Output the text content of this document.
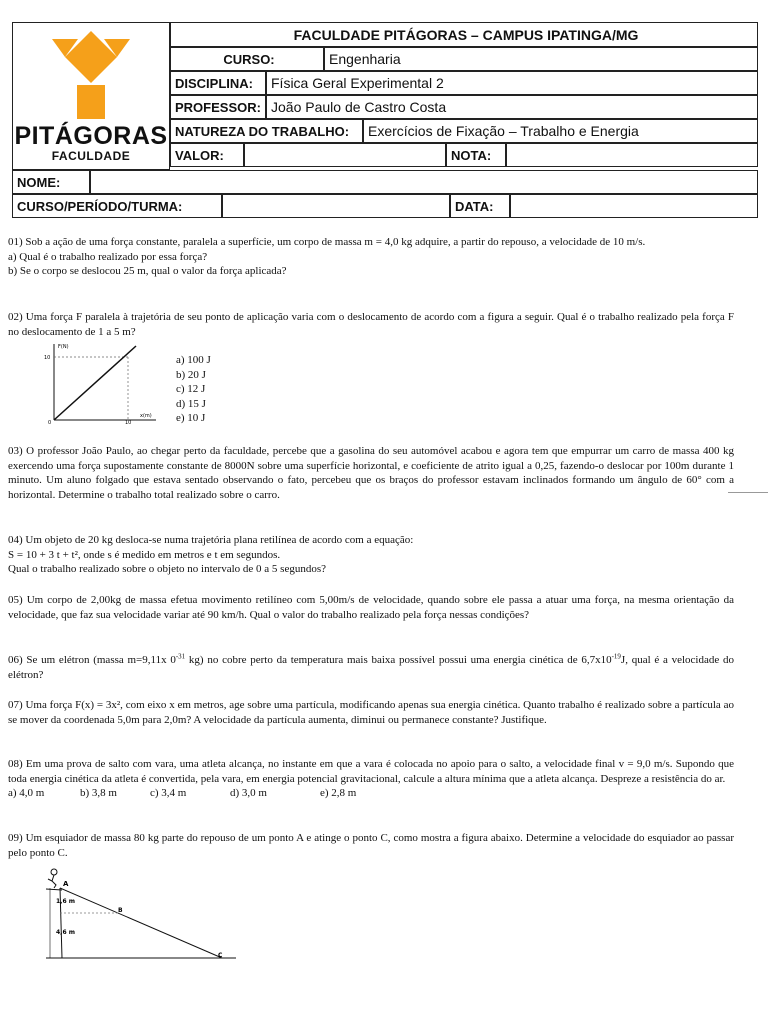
PITÁGORAS
FACULDADE
FACULDADE PITÁGORAS – CAMPUS IPATINGA/MG
CURSO:	Engenharia
DISCIPLINA:	Física Geral Experimental 2
PROFESSOR: João Paulo de Castro Costa
NATUREZA DO TRABALHO:	Exercícios de Fixação – Trabalho e Energia
VALOR:	NOTA:
NOME:
CURSO/PERÍODO/TURMA:	DATA:

01) Sob a ação de uma força constante, paralela a superfície, um corpo de massa m = 4,0 kg adquire, a partir do repouso, a velocidade de 10 m/s.

a) Qual é o trabalho realizado por essa força?

b) Se o corpo se deslocou 25 m, qual o valor da força aplicada?

02) Uma força F paralela à trajetória de seu ponto de aplicação varia com o deslocamento de acordo com a figura a seguir. Qual é o trabalho realizado pela força F no deslocamento de 1 a 5 m?

F(N)
x(m)
10
10
0

a) 100 J

b) 20 J

c) 12 J

d) 15 J

e) 10 J

03) O professor João Paulo, ao chegar perto da faculdade, percebe que a gasolina do seu automóvel acabou e agora tem que empurrar um carro de massa 400 kg exercendo uma força supostamente constante de 8000N sobre uma superfície horizontal, e coeficiente de atrito igual a 0,25, fazendo-o deslocar por 100m durante 1 minuto. Um aluno folgado que estava sentado observando o fato, percebeu que os braços do professor estavam inclinados formando um ângulo de 60° com a horizontal. Determine o trabalho total realizado sobre o carro.

04) Um objeto de 20 kg desloca-se numa trajetória plana retilínea de acordo com a equação:

S = 10 + 3 t + t², onde s é medido em metros e t em segundos.

Qual o trabalho realizado sobre o objeto no intervalo de 0 a 5 segundos?

05) Um corpo de 2,00kg de massa efetua movimento retilíneo com 5,00m/s de velocidade, quando sobre ele passa a atuar uma força, na mesma orientação da velocidade, que faz sua velocidade variar até 90 km/h. Qual o valor do trabalho realizado pela força nessas condições?

06) Se um elétron (massa m=9,11x $0^{-31}$ kg) no cobre perto da temperatura mais baixa possível possui uma energia cinética de $6,7x10^{-19}J$, qual é a velocidade do elétron?

07) Uma força F(x) = 3x², com eixo x em metros, age sobre uma partícula, modificando apenas sua energia cinética. Quanto trabalho é realizado sobre a partícula ao se mover da coordenada 5,0m para 2,0m? A velocidade da partícula aumenta, diminui ou permanece constante? Justifique.

08) Em uma prova de salto com vara, uma atleta alcança, no instante em que a vara é colocada no apoio para o salto, a velocidade final v = 9,0 m/s. Supondo que toda energia cinética da atleta é convertida, pela vara, em energia potencial gravitacional, calcule a altura mínima que a atleta alcança. Despreze a resistência do ar.

a) 4,0 m	b) 3,8 m	c) 3,4 m	d) 3,0 m	e) 2,8 m

09) Um esquiador de massa 80 kg parte do repouso de um ponto A e atinge o ponto C, como mostra a figura abaixo. Determine a velocidade do esquiador ao passar pelo ponto C.

A
B
C
1,6 m
4,6 m
